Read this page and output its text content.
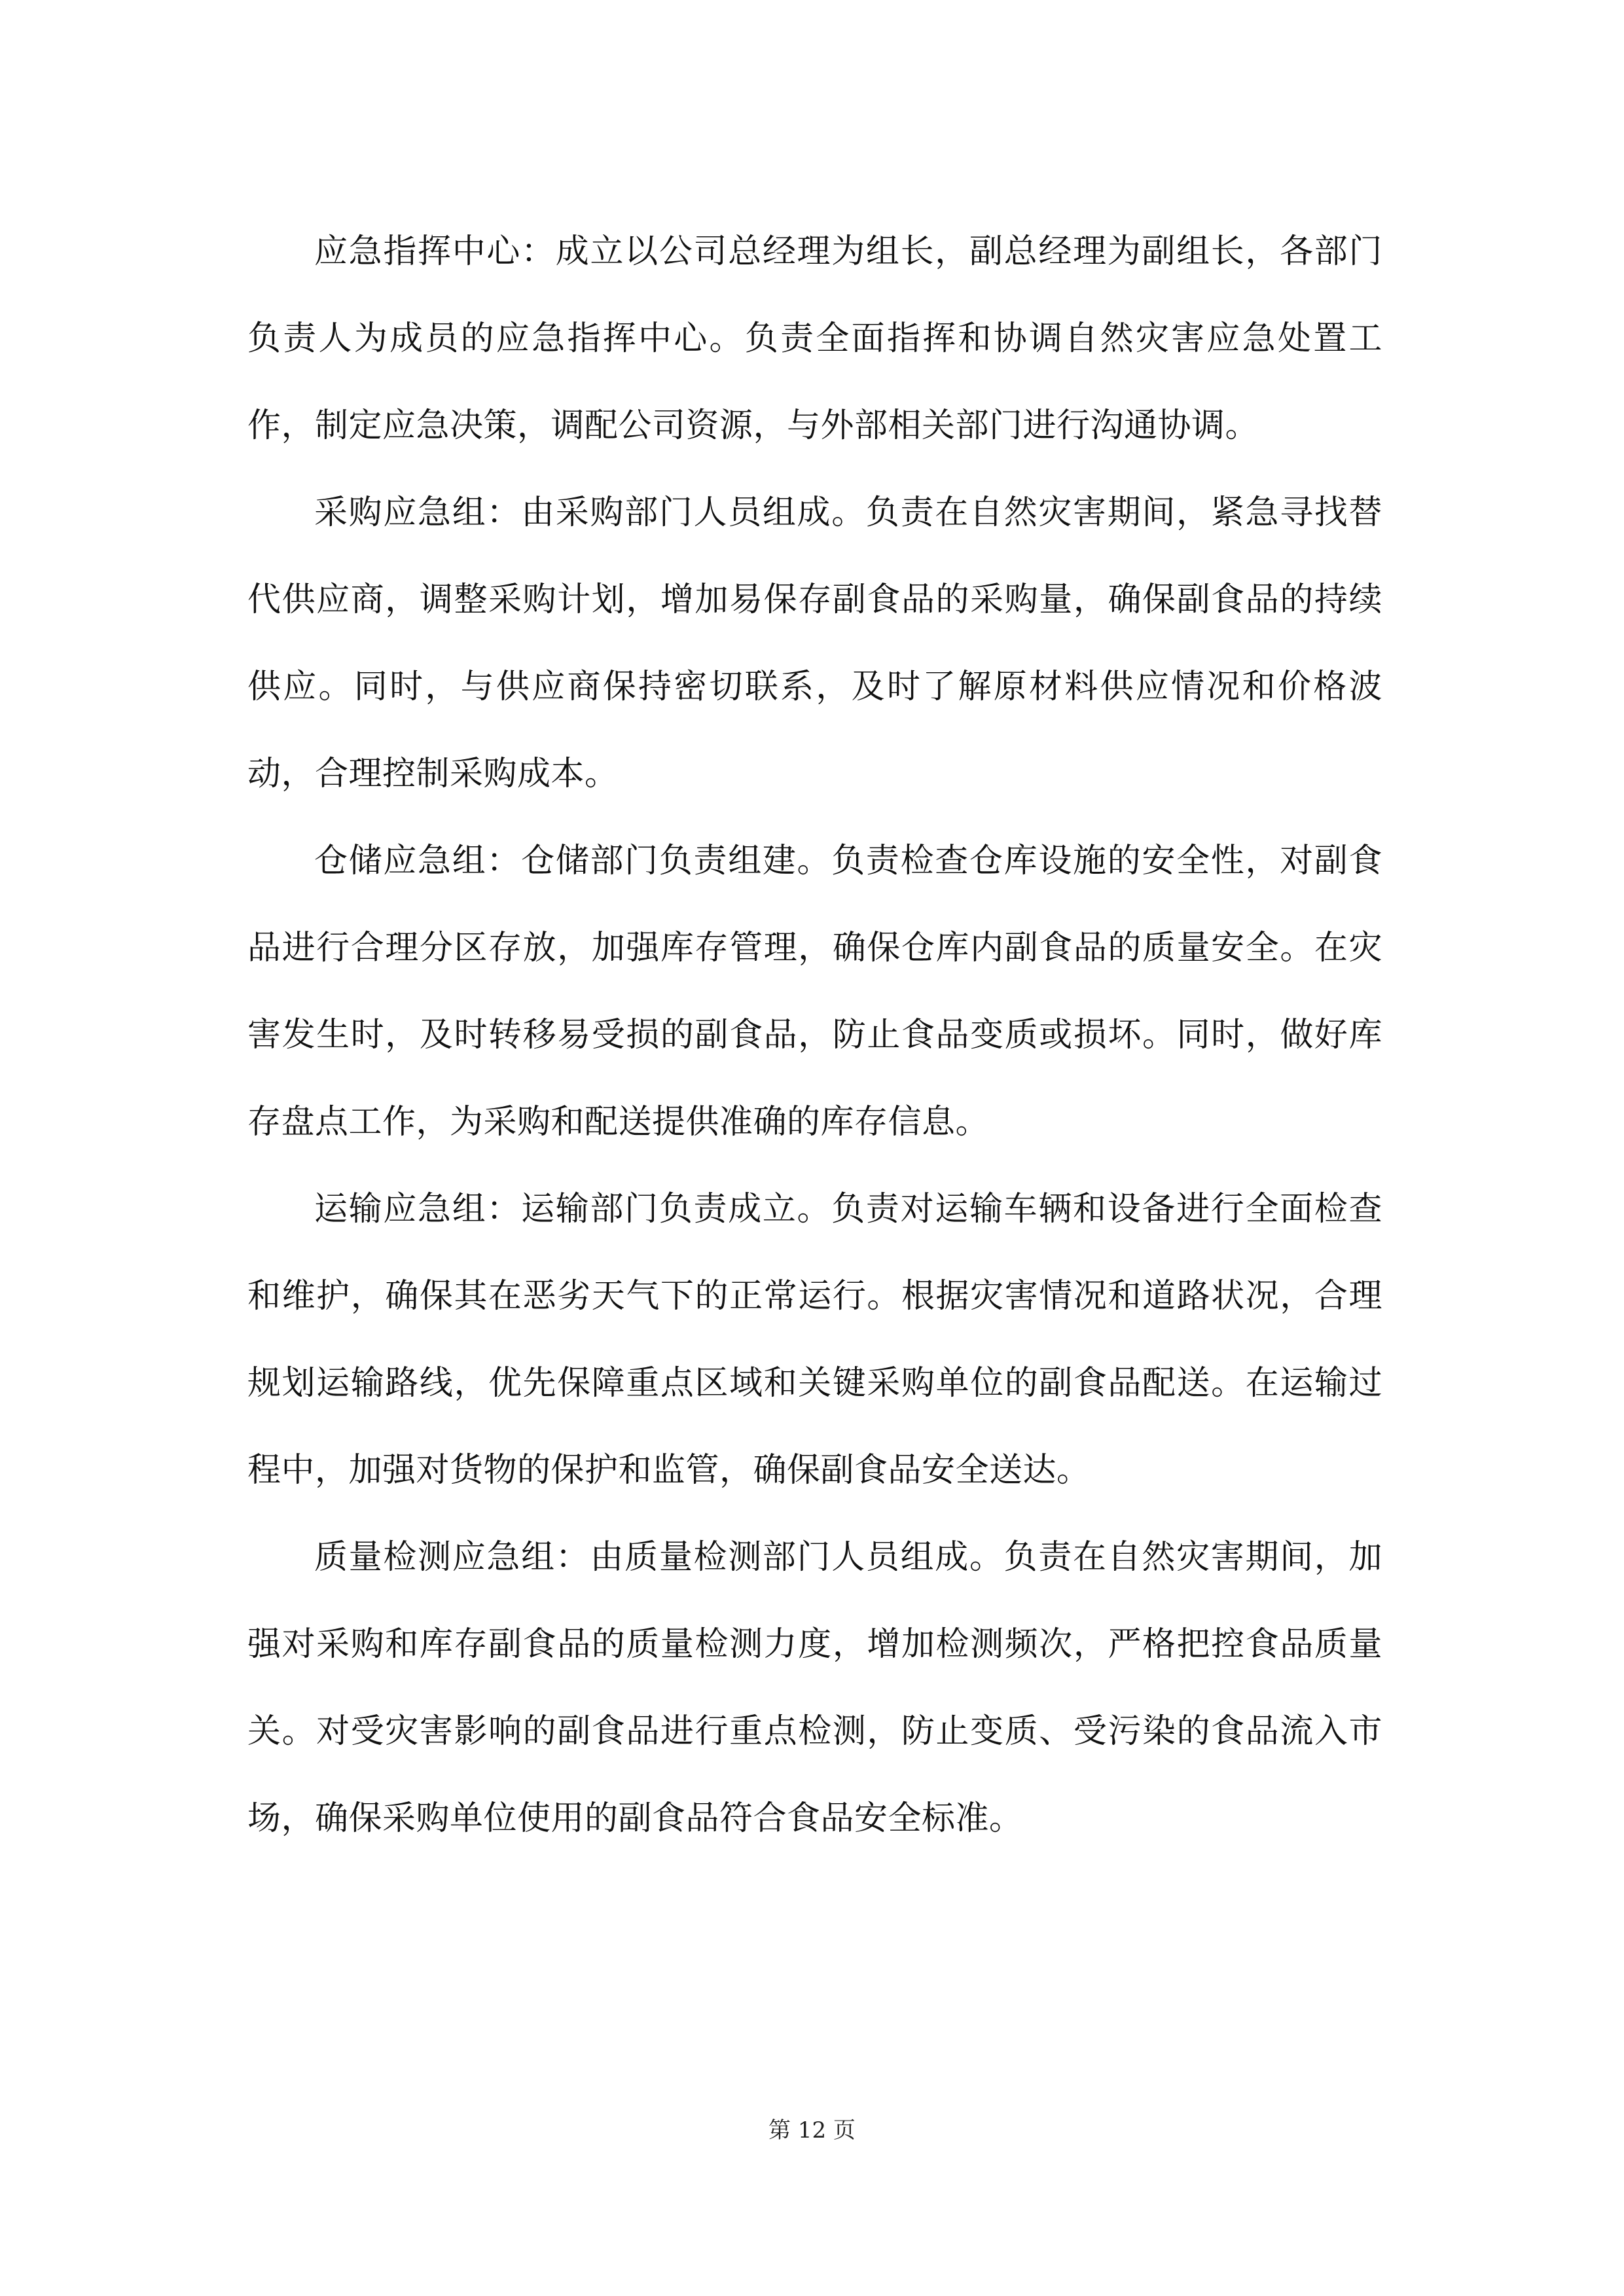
应急指挥中心：成立以公司总经理为组长，副总经理为副组长，各部门负责人为成员的应急指挥中心。负责全面指挥和协调自然灾害应急处置工作，制定应急决策，调配公司资源，与外部相关部门进行沟通协调。

采购应急组：由采购部门人员组成。负责在自然灾害期间，紧急寻找替代供应商，调整采购计划，增加易保存副食品的采购量，确保副食品的持续供应。同时，与供应商保持密切联系，及时了解原材料供应情况和价格波动，合理控制采购成本。

仓储应急组：仓储部门负责组建。负责检查仓库设施的安全性，对副食品进行合理分区存放，加强库存管理，确保仓库内副食品的质量安全。在灾害发生时，及时转移易受损的副食品，防止食品变质或损坏。同时，做好库存盘点工作，为采购和配送提供准确的库存信息。

运输应急组：运输部门负责成立。负责对运输车辆和设备进行全面检查和维护，确保其在恶劣天气下的正常运行。根据灾害情况和道路状况，合理规划运输路线，优先保障重点区域和关键采购单位的副食品配送。在运输过程中，加强对货物的保护和监管，确保副食品安全送达。

质量检测应急组：由质量检测部门人员组成。负责在自然灾害期间，加强对采购和库存副食品的质量检测力度，增加检测频次，严格把控食品质量关。对受灾害影响的副食品进行重点检测，防止变质、受污染的食品流入市场，确保采购单位使用的副食品符合食品安全标准。

第 12 页
